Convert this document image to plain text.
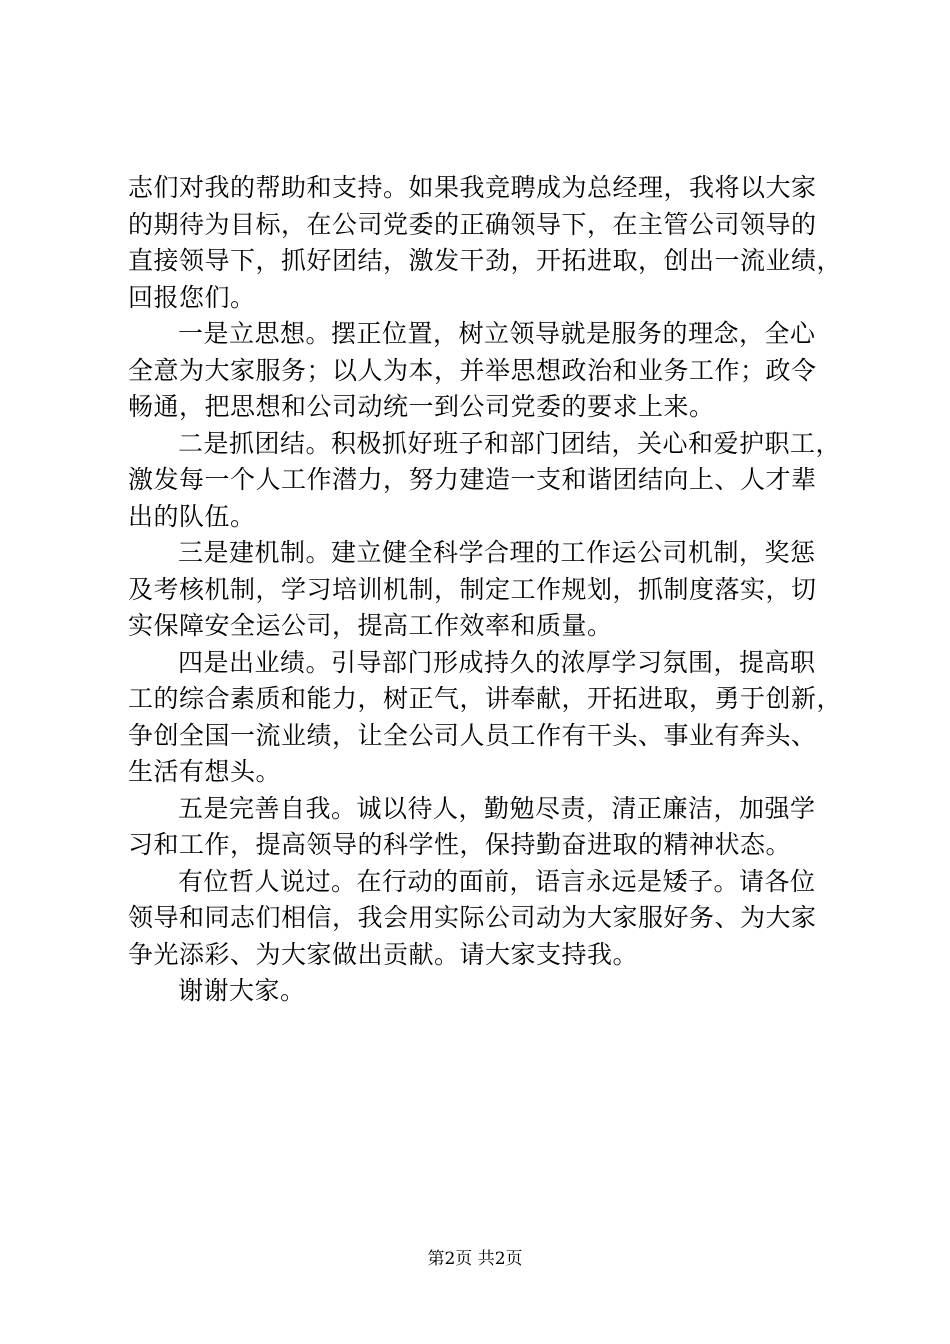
志们对我的帮助和支持。如果我竞聘成为总经理，我将以大家
的期待为目标，在公司党委的正确领导下，在主管公司领导的
直接领导下，抓好团结，激发干劲，开拓进取，创出一流业绩，
回报您们。
一是立思想。摆正位置，树立领导就是服务的理念，全心
全意为大家服务；以人为本，并举思想政治和业务工作；政令
畅通，把思想和公司动统一到公司党委的要求上来。
二是抓团结。积极抓好班子和部门团结，关心和爱护职工，
激发每一个人工作潜力，努力建造一支和谐团结向上、人才辈
出的队伍。
三是建机制。建立健全科学合理的工作运公司机制，奖惩
及考核机制，学习培训机制，制定工作规划，抓制度落实，切
实保障安全运公司，提高工作效率和质量。
四是出业绩。引导部门形成持久的浓厚学习氛围，提高职
工的综合素质和能力，树正气，讲奉献，开拓进取，勇于创新，
争创全国一流业绩，让全公司人员工作有干头、事业有奔头、
生活有想头。
五是完善自我。诚以待人，勤勉尽责，清正廉洁，加强学
习和工作，提高领导的科学性，保持勤奋进取的精神状态。
有位哲人说过。在行动的面前，语言永远是矮子。请各位
领导和同志们相信，我会用实际公司动为大家服好务、为大家
争光添彩、为大家做出贡献。请大家支持我。
谢谢大家。
第2页 共2页
